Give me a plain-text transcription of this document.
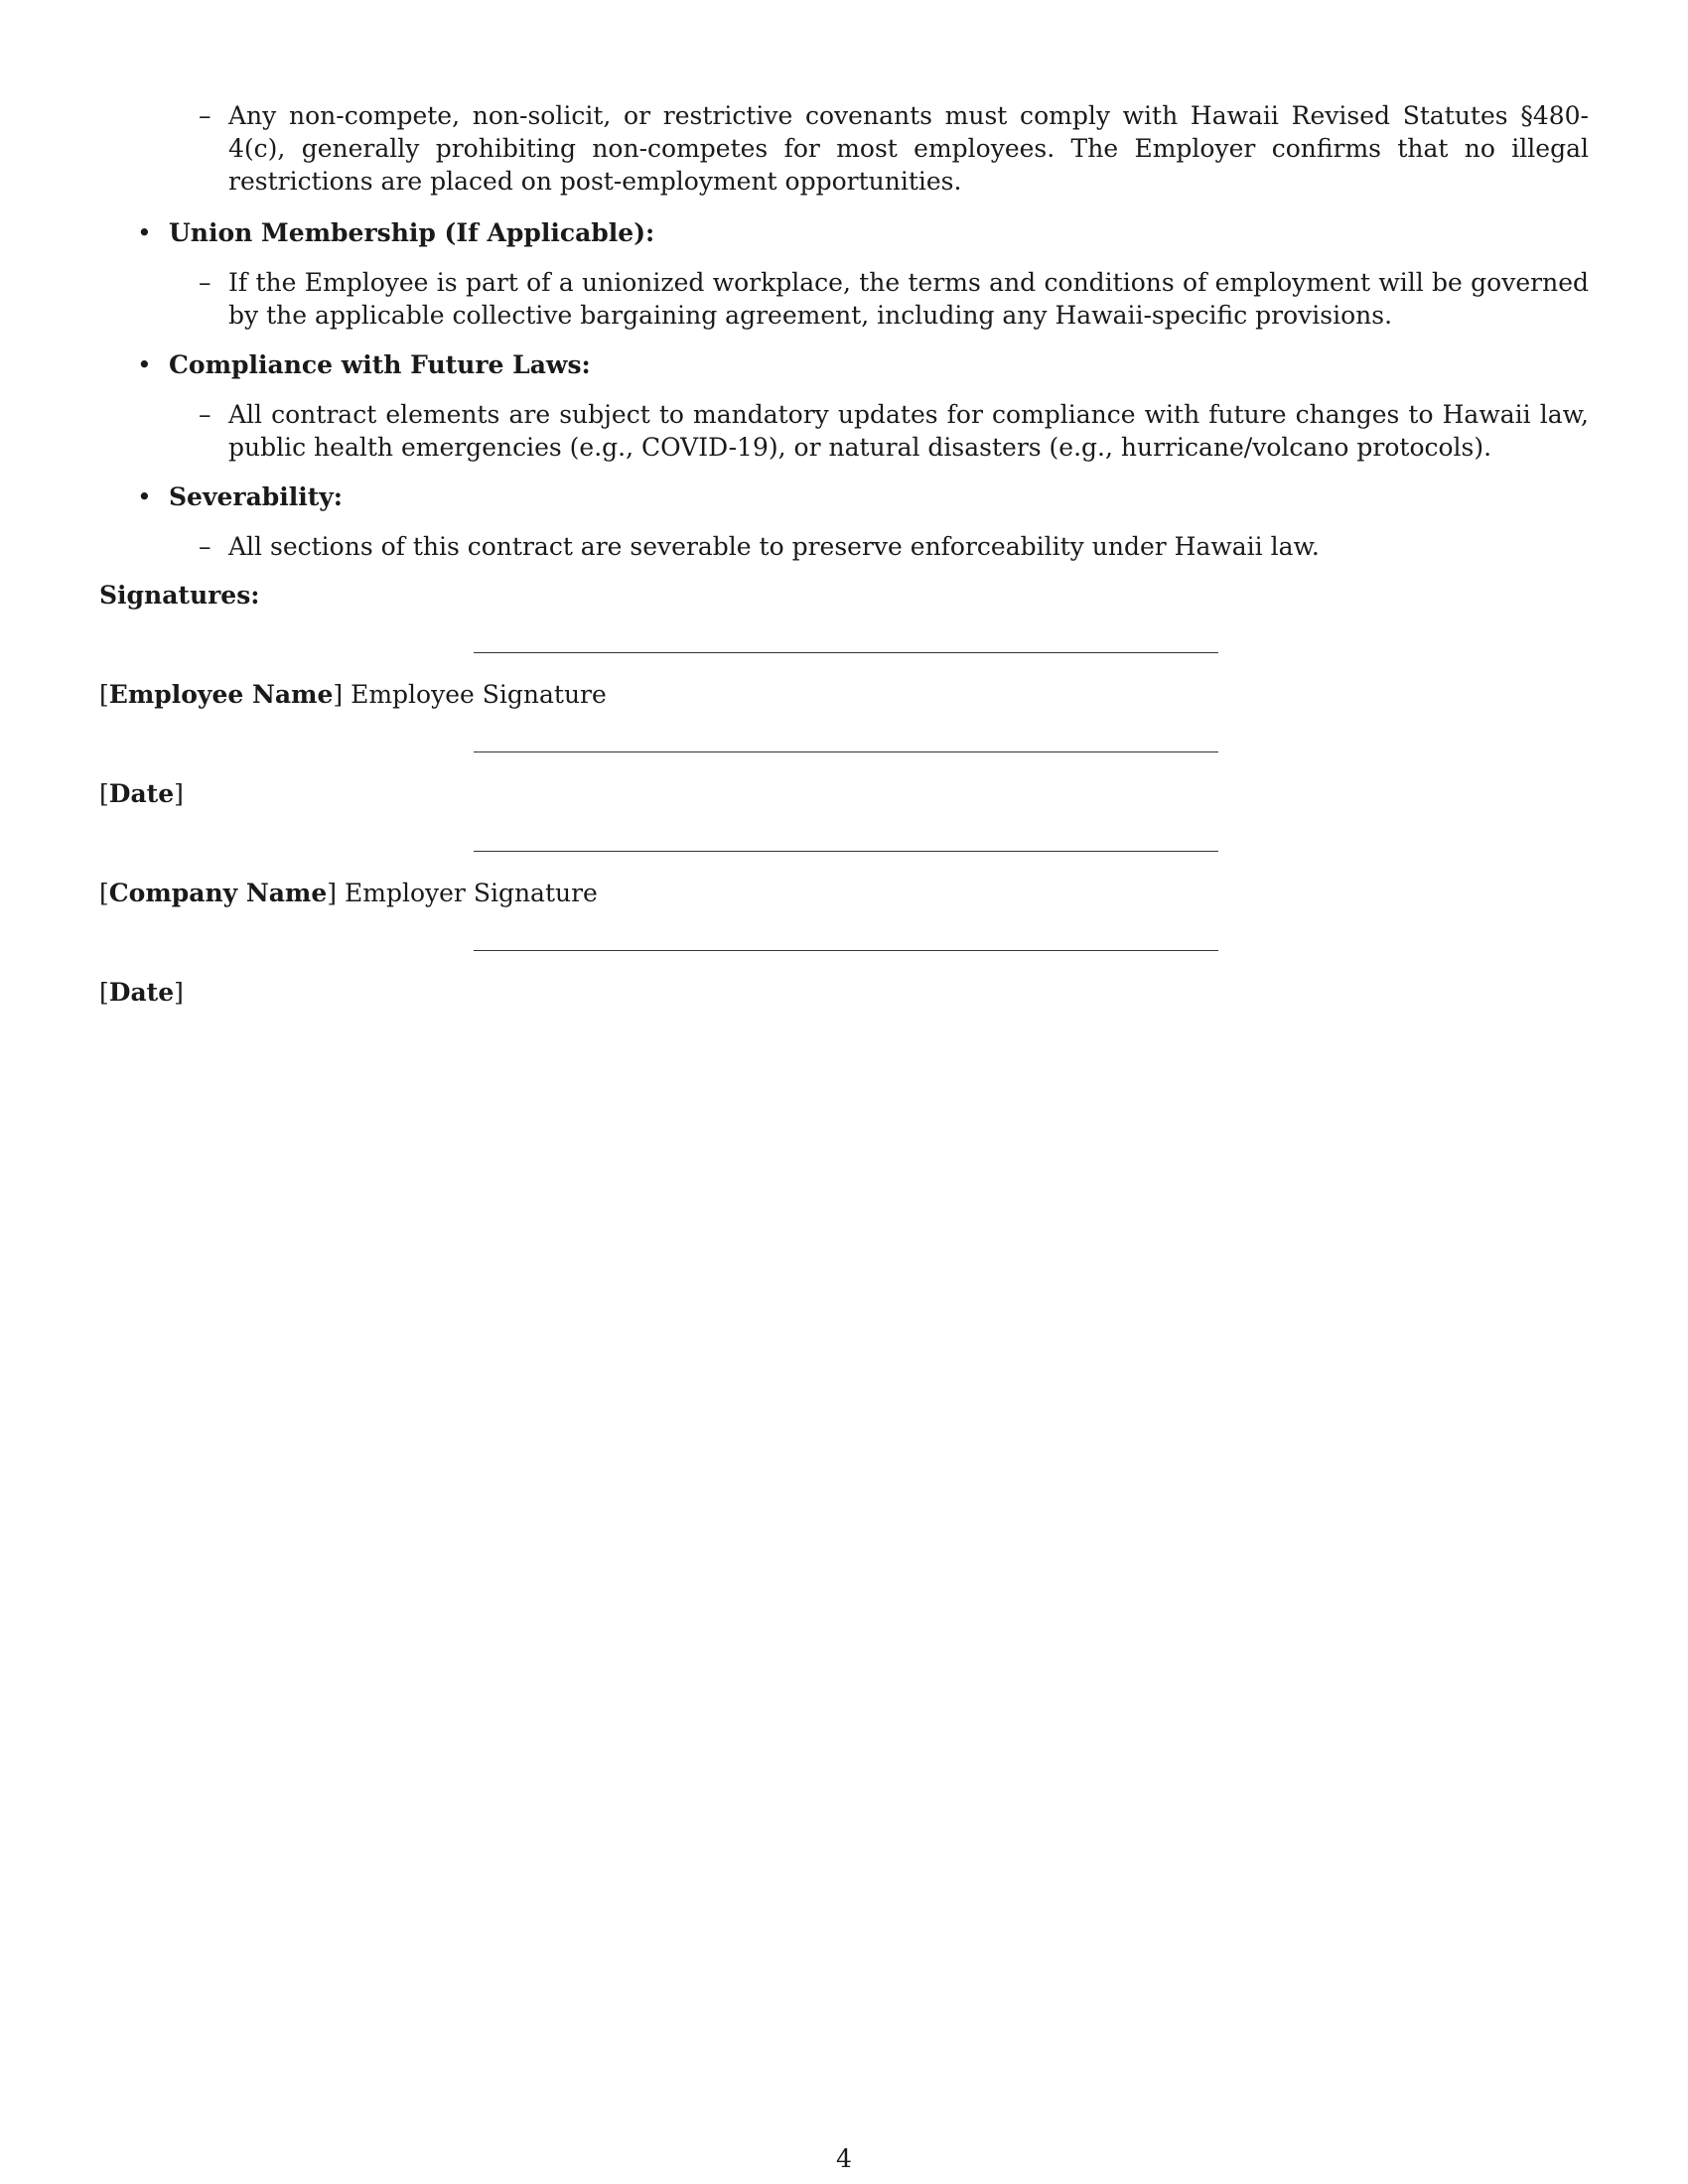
– Any non-compete, non-solicit, or restrictive covenants must comply with Hawaii Revised Statutes §480-4(c), generally prohibiting non-competes for most employees. The Employer confirms that no illegal restrictions are placed on post-employment opportunities.
• Union Membership (If Applicable):
– If the Employee is part of a unionized workplace, the terms and conditions of employment will be governed by the applicable collective bargaining agreement, including any Hawaii-specific provisions.
• Compliance with Future Laws:
– All contract elements are subject to mandatory updates for compliance with future changes to Hawaii law, public health emergencies (e.g., COVID-19), or natural disasters (e.g., hurricane/volcano protocols).
• Severability:
– All sections of this contract are severable to preserve enforceability under Hawaii law.
Signatures:
[Employee Name] Employee Signature
[Date]
[Company Name] Employer Signature
[Date]
4
